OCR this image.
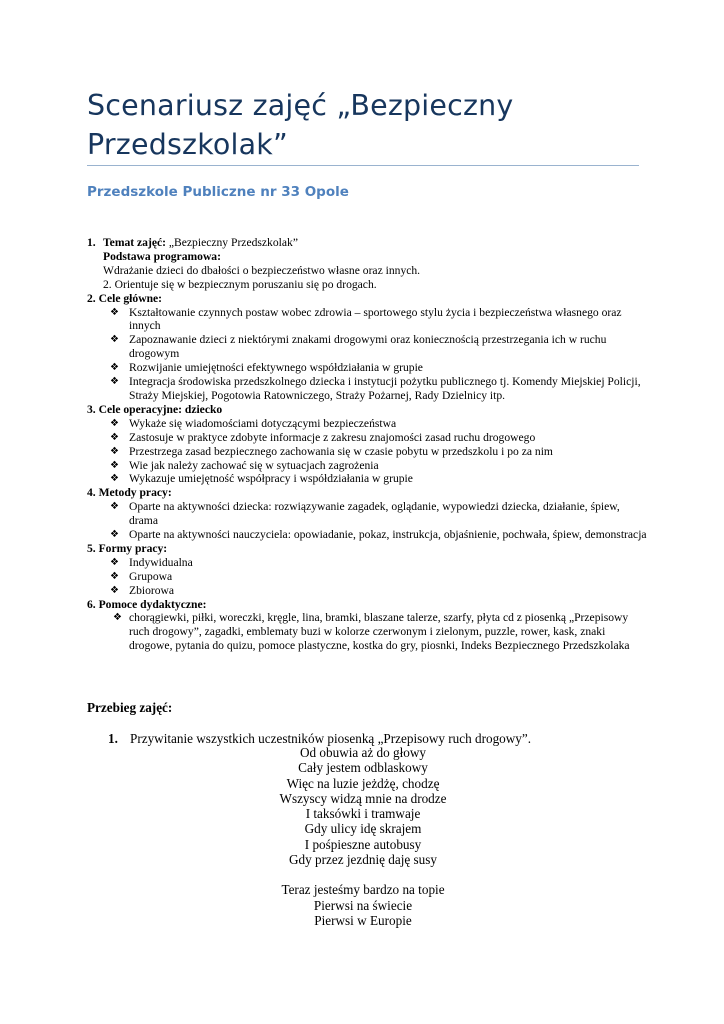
Scenariusz zajęć „Bezpieczny Przedszkolak”
Przedszkole Publiczne nr 33 Opole
1. Temat zajęć: „Bezpieczny Przedszkolak”
Podstawa programowa:
Wdrażanie dzieci do dbałości o bezpieczeństwo własne oraz innych.
2. Orientuje się w bezpiecznym poruszaniu się po drogach.
2. Cele główne:
❖ Kształtowanie czynnych postaw wobec zdrowia – sportowego stylu życia i bezpieczeństwa własnego oraz innych
❖ Zapoznawanie dzieci z niektórymi znakami drogowymi oraz koniecznością przestrzegania ich w ruchu drogowym
❖ Rozwijanie umiejętności efektywnego współdziałania w grupie
❖ Integracja środowiska przedszkolnego dziecka i instytucji pożytku publicznego tj. Komendy Miejskiej Policji, Straży Miejskiej, Pogotowia Ratowniczego, Straży Pożarnej, Rady Dzielnicy itp.
3. Cele operacyjne: dziecko
❖ Wykaże się wiadomościami dotyczącymi bezpieczeństwa
❖ Zastosuje w praktyce zdobyte informacje z zakresu znajomości zasad ruchu drogowego
❖ Przestrzega zasad bezpiecznego zachowania się w czasie pobytu w przedszkolu i po za nim
❖ Wie jak należy zachować się w sytuacjach zagrożenia
❖ Wykazuje umiejętność współpracy i współdziałania w grupie
4. Metody pracy:
❖ Oparte na aktywności dziecka: rozwiązywanie zagadek, oglądanie, wypowiedzi dziecka, działanie, śpiew, drama
❖ Oparte na aktywności nauczyciela: opowiadanie, pokaz, instrukcja, objaśnienie, pochwała, śpiew, demonstracja
5. Formy pracy:
❖ Indywidualna
❖ Grupowa
❖ Zbiorowa
6. Pomoce dydaktyczne:
❖ chorągiewki, piłki, woreczki, kręgle, lina, bramki, blaszane talerze, szarfy, płyta cd z piosenką „Przepisowy ruch drogowy”, zagadki, emblematy buzi w kolorze czerwonym i zielonym, puzzle, rower, kask, znaki drogowe, pytania do quizu, pomoce plastyczne, kostka do gry, piosnki, Indeks Bezpiecznego Przedszkolaka
Przebieg zajęć:
1. Przywitanie wszystkich uczestników piosenką „Przepisowy ruch drogowy”.
Od obuwia aż do głowy
Cały jestem odblaskowy
Więc na luzie jeżdżę, chodzę
Wszyscy widzą mnie na drodze
I taksówki i tramwaje
Gdy ulicy idę skrajem
I pośpieszne autobusy
Gdy przez jezdnię daję susy
Teraz jesteśmy bardzo na topie
Pierwsi na świecie
Pierwsi w Europie
